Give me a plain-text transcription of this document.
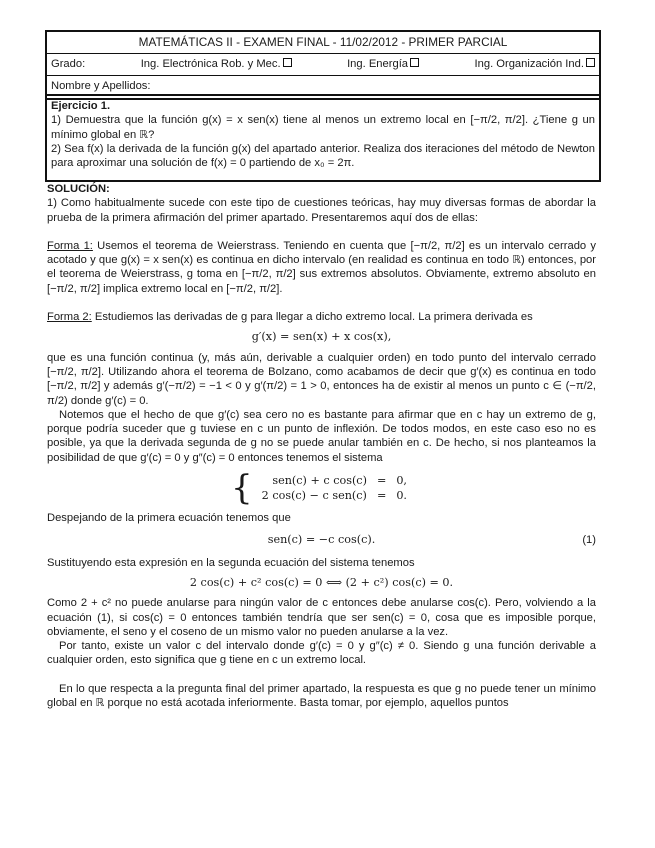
MATEMÁTICAS II - EXAMEN FINAL - 11/02/2012 - PRIMER PARCIAL
Grado:	Ing. Electrónica Rob. y Mec.	Ing. Energía	Ing. Organización Ind.
Nombre y Apellidos:

Ejercicio 1.

1) Demuestra que la función g(x) = x sen(x) tiene al menos un extremo local en [−π/2, π/2]. ¿Tiene g un mínimo global en ℝ?

2) Sea f(x) la derivada de la función g(x) del apartado anterior. Realiza dos iteraciones del método de Newton para aproximar una solución de f(x) = 0 partiendo de x₀ = 2π.

SOLUCIÓN:

1) Como habitualmente sucede con este tipo de cuestiones teóricas, hay muy diversas formas de abordar la prueba de la primera afirmación del primer apartado. Presentaremos aquí dos de ellas:

Forma 1: Usemos el teorema de Weierstrass. Teniendo en cuenta que [−π/2, π/2] es un intervalo cerrado y acotado y que g(x) = x sen(x) es continua en dicho intervalo (en realidad es continua en todo ℝ) entonces, por el teorema de Weierstrass, g toma en [−π/2, π/2] sus extremos absolutos. Obviamente, extremo absoluto en [−π/2, π/2] implica extremo local en [−π/2, π/2].

Forma 2: Estudiemos las derivadas de g para llegar a dicho extremo local. La primera derivada es

g′(x) = sen(x) + x cos(x),

que es una función continua (y, más aún, derivable a cualquier orden) en todo punto del intervalo cerrado [−π/2, π/2]. Utilizando ahora el teorema de Bolzano, como acabamos de decir que g′(x) es continua en todo [−π/2, π/2] y además g′(−π/2) = −1 < 0 y g′(π/2) = 1 > 0, entonces ha de existir al menos un punto c ∈ (−π/2, π/2) donde g′(c) = 0.

Notemos que el hecho de que g′(c) sea cero no es bastante para afirmar que en c hay un extremo de g, porque podría suceder que g tuviese en c un punto de inflexión. De todos modos, en este caso eso no es posible, ya que la derivada segunda de g no se puede anular también en c. De hecho, si nos planteamos la posibilidad de que g′(c) = 0 y g″(c) = 0 entonces tenemos el sistema

{ sen(c) + c cos(c)	=	0,
2 cos(c) − c sen(c)	=	0.

Despejando de la primera ecuación tenemos que

sen(c) = −c cos(c).	(1)

Sustituyendo esta expresión en la segunda ecuación del sistema tenemos

2 cos(c) + c² cos(c) = 0 ⟺ (2 + c²) cos(c) = 0.

Como 2 + c² no puede anularse para ningún valor de c entonces debe anularse cos(c). Pero, volviendo a la ecuación (1), si cos(c) = 0 entonces también tendría que ser sen(c) = 0, cosa que es imposible porque, obviamente, el seno y el coseno de un mismo valor no pueden anularse a la vez.

Por tanto, existe un valor c del intervalo donde g′(c) = 0 y g″(c) ≠ 0. Siendo g una función derivable a cualquier orden, esto significa que g tiene en c un extremo local.

En lo que respecta a la pregunta final del primer apartado, la respuesta es que g no puede tener un mínimo global en ℝ porque no está acotada inferiormente. Basta tomar, por ejemplo, aquellos puntos
